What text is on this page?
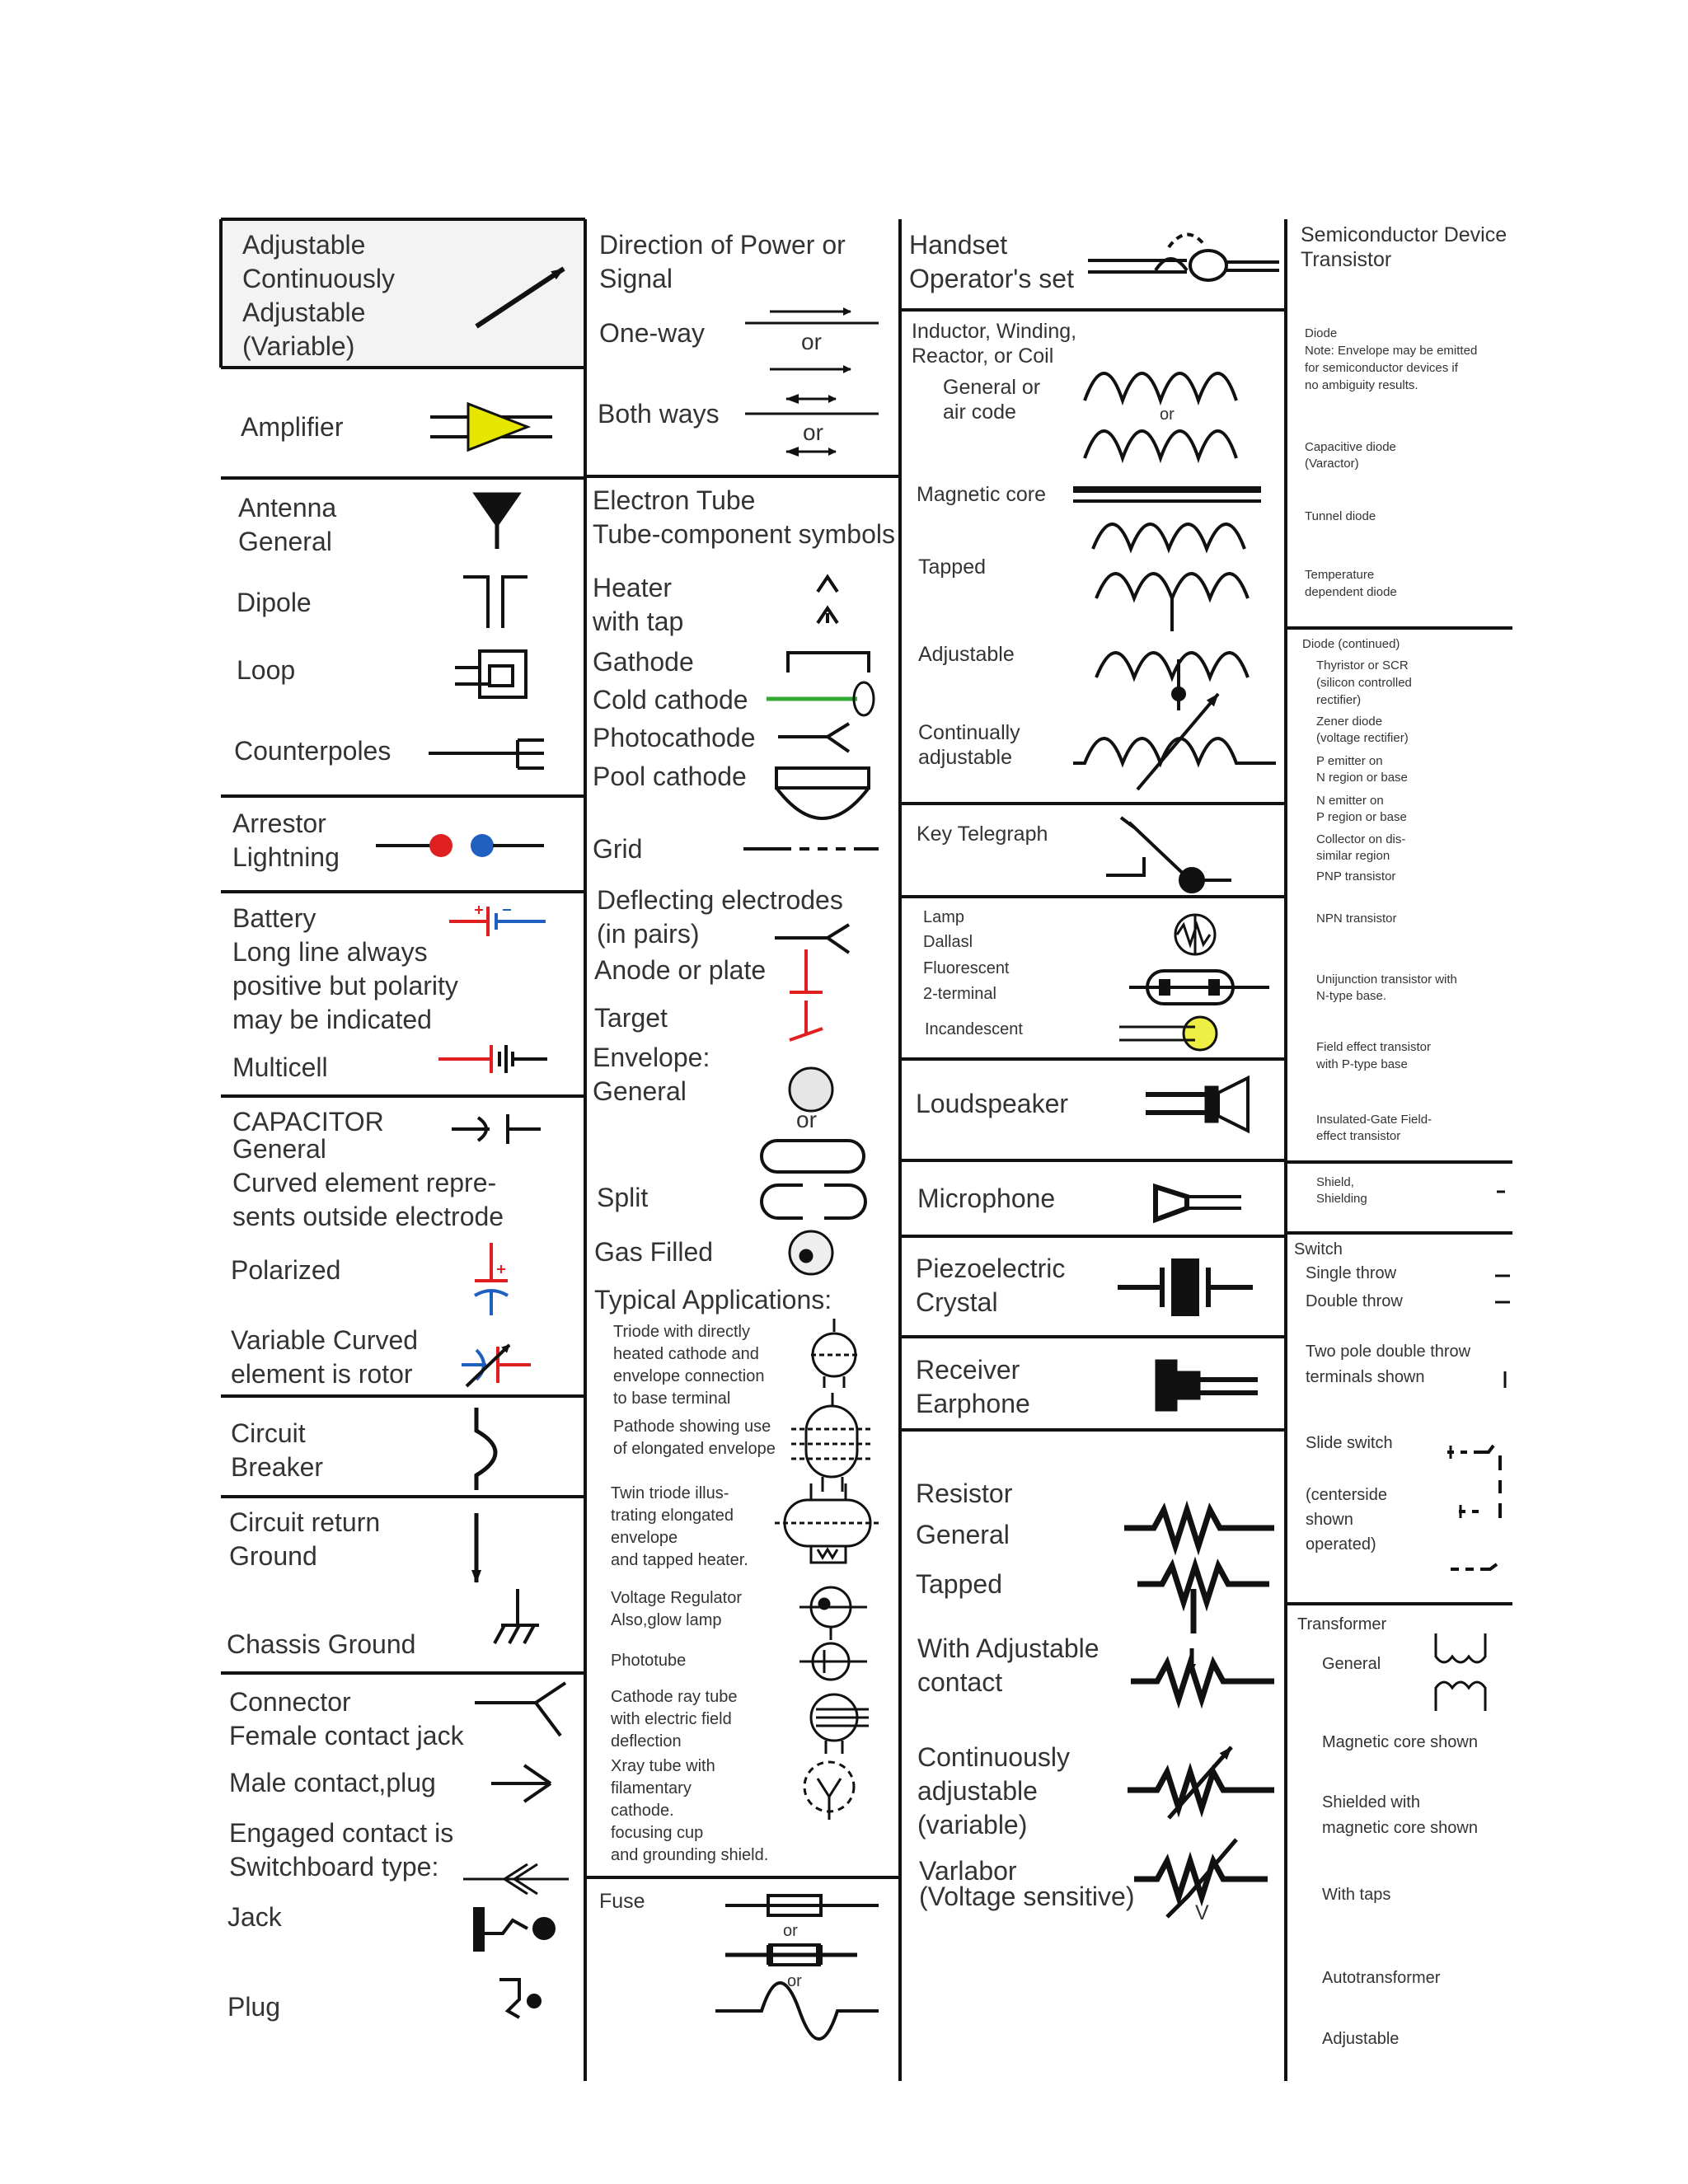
Adjustable
Continuously
Adjustable
(Variable)
Amplifier
Antenna
General
Dipole
Loop
Counterpoles
Arrestor
Lightning
Battery
Long line always
positive but polarity
may be indicated
Multicell
CAPACITOR
General
Curved element repre-
sents outside electrode
Polarized
Variable Curved
element is rotor
Circuit
Breaker
Circuit return
Ground
Chassis Ground
Connector
Female contact jack
Male contact,plug
Engaged contact is
Switchboard type:
Jack
Plug
Direction of Power or
Signal
One-way	or
Both ways
or
Electron Tube
Tube-component symbols
Heater
with tap
Gathode
Cold cathode
Photocathode
Pool cathode
Grid
Deflecting electrodes
(in pairs)
Anode or plate
Target
Envelope:
General
or
Split
Gas Filled
Typical Applications:
Triode with directly
heated cathode and
envelope connection
to base terminal
Pathode showing use
of elongated envelope
Twin triode illus-
trating elongated
envelope
and tapped heater.
Voltage Regulator
Also,glow lamp
Phototube
Cathode ray tube
with electric field
deflection
Xray tube with
filamentary
cathode.
focusing cup
and grounding shield.
Fuse
or
or
Handset
Operator's set
Inductor, Winding,
Reactor, or Coil
General or
air code	or
Magnetic core
Tapped
Adjustable
Continually
adjustable
Key Telegraph
Lamp
Dallasl
Fluorescent
2-terminal
Incandescent
Loudspeaker
Microphone
Piezoelectric
Crystal
Receiver
Earphone
Resistor
General
Tapped
With Adjustable
contact
Continuously
adjustable
(variable)
Varlabor
(Voltage sensitive)
V
Semiconductor Device
Transistor
Diode
Note: Envelope may be emitted
for semiconductor devices if
no ambiguity results.
Capacitive diode
(Varactor)
Tunnel diode
Temperature
dependent diode
Diode (continued)
Thyristor or SCR
(silicon controlled
rectifier)
Zener diode
(voltage rectifier)
P emitter on
N region or base
N emitter on
P region or base
Collector on dis-
similar region
PNP transistor
NPN transistor
Unijunction transistor with
N-type base.
Field effect transistor
with P-type base
Insulated-Gate Field-
effect transistor
Shield,
Shielding
Switch
Single throw
Double throw
Two pole double throw
terminals shown
Slide switch
(centerside
shown
operated)
Transformer
General
Magnetic core shown
Shielded with
magnetic core shown
With taps
Autotransformer
Adjustable
